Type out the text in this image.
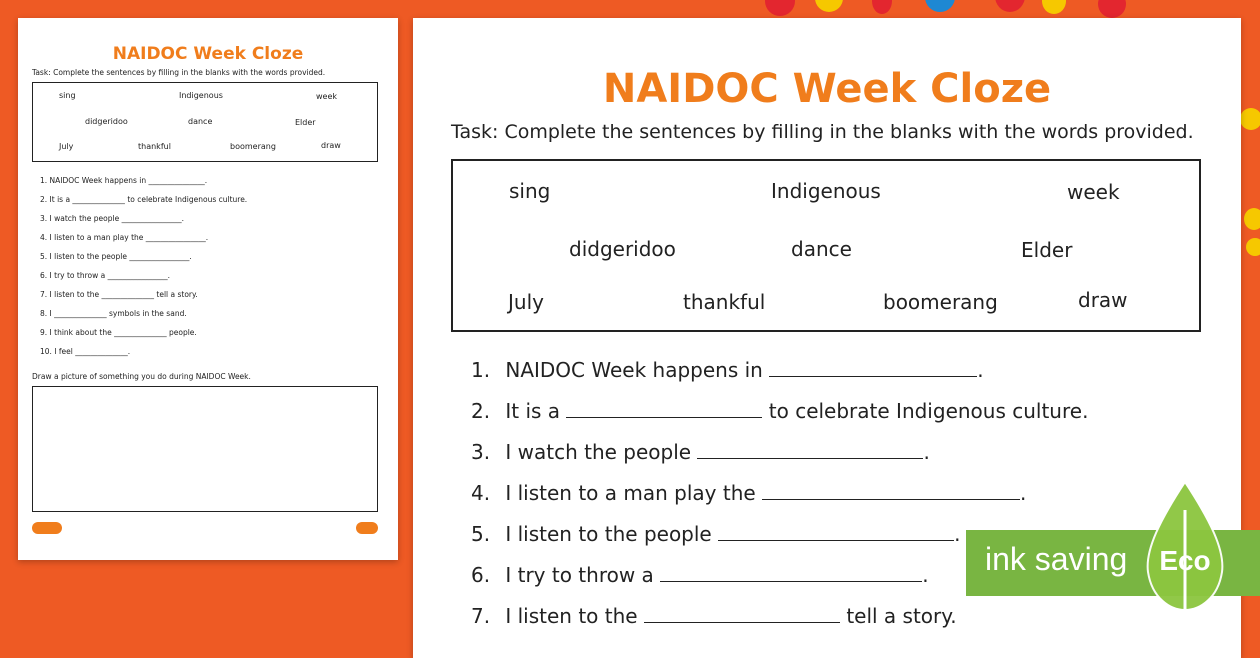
NAIDOC Week Cloze
Task: Complete the sentences by filling in the blanks with the words provided.
sing	Indigenous	week
didgeridoo	dance	Elder
July	thankful	boomerang	draw
1. NAIDOC Week happens in _______________.
2. It is a ______________ to celebrate Indigenous culture.
3. I watch the people ________________.
4. I listen to a man play the ________________.
5. I listen to the people ________________.
6. I try to throw a ________________.
7. I listen to the ______________ tell a story.
8. I ______________ symbols in the sand.
9. I think about the ______________ people.
10. I feel ______________.
Draw a picture of something you do during NAIDOC Week.
NAIDOC Week Cloze
Task: Complete the sentences by filling in the blanks with the words provided.
sing	Indigenous	week
didgeridoo	dance	Elder
July	thankful	boomerang	draw
1. NAIDOC Week happens in	.
2. It is a	to celebrate Indigenous culture.
3. I watch the people	.
4. I listen to a man play the	.
5. I listen to the people	.
6. I try to throw a	.
7. I listen to the	tell a story.
ink saving Eco
